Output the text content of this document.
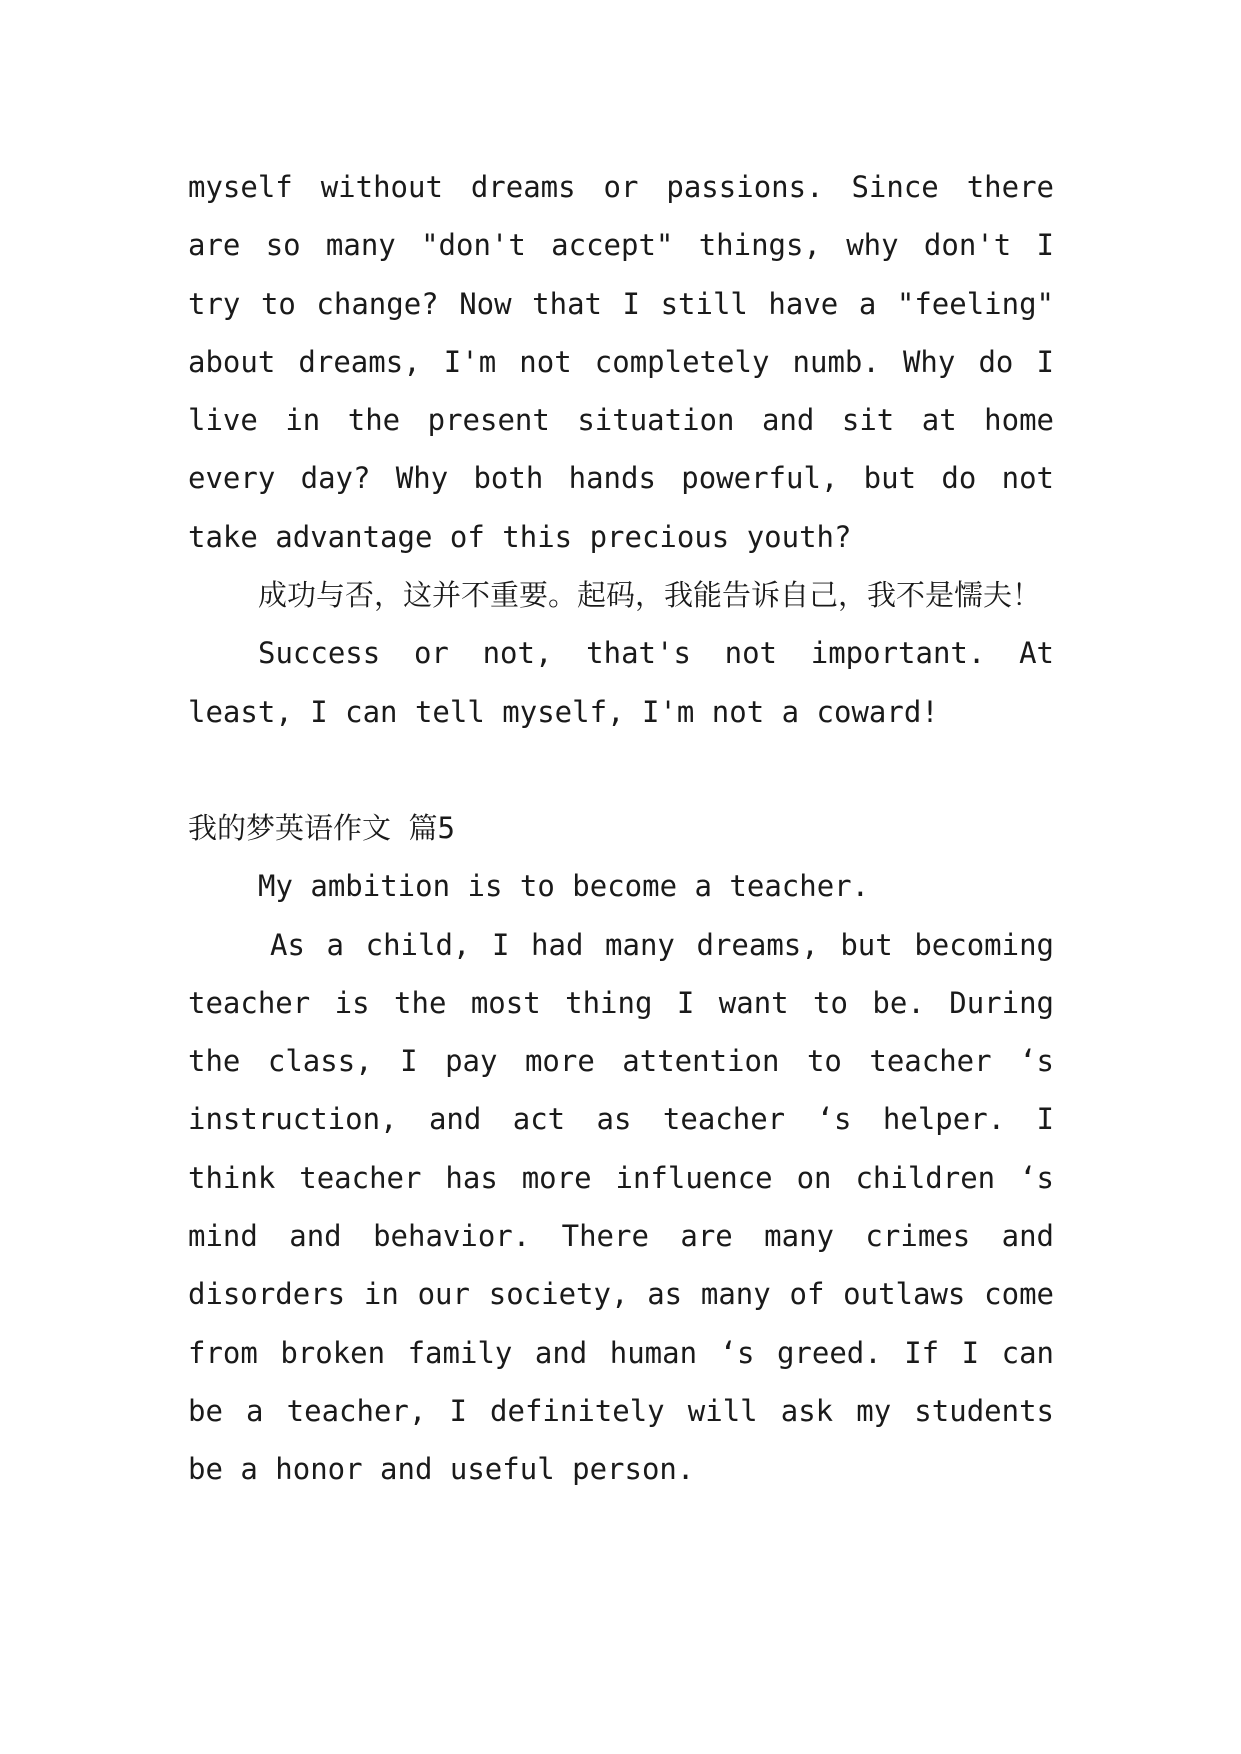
myself without dreams or passions. Since there are so many "don't accept" things, why don't I try to change? Now that I still have a "feeling" about dreams, I'm not completely numb. Why do I live in the present situation and sit at home every day? Why both hands powerful, but do not take advantage of this precious youth?

成功与否，这并不重要。起码，我能告诉自己，我不是懦夫！

Success or not, that's not important. At least, I can tell myself, I'm not a coward!

我的梦英语作文 篇5

My ambition is to become a teacher.

As a child, I had many dreams, but becoming teacher is the most thing I want to be. During the class, I pay more attention to teacher ‘s instruction, and act as teacher ‘s helper. I think teacher has more influence on children ‘s mind and behavior. There are many crimes and disorders in our society, as many of outlaws come from broken family and human ‘s greed. If I can be a teacher, I definitely will ask my students be a honor and useful person.
